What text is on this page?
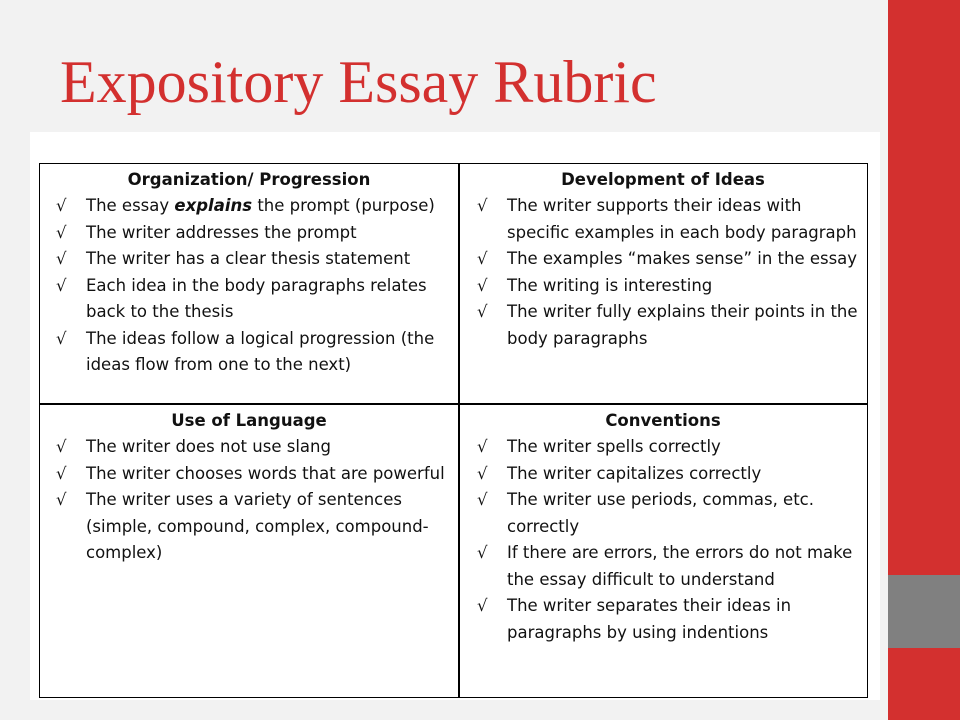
Expository Essay Rubric
Organization/ Progression
√ The essay explains the prompt (purpose)
√ The writer addresses the prompt
√ The writer has a clear thesis statement
√ Each idea in the body paragraphs relates back to the thesis
√ The ideas follow a logical progression (the ideas flow from one to the next)
Development of Ideas
√ The writer supports their ideas with specific examples in each body paragraph
√ The examples “makes sense” in the essay
√ The writing is interesting
√ The writer fully explains their points in the body paragraphs
Use of Language
√ The writer does not use slang
√ The writer chooses words that are powerful
√ The writer uses a variety of sentences (simple, compound, complex, compound-complex)
Conventions
√ The writer spells correctly
√ The writer capitalizes correctly
√ The writer use periods, commas, etc. correctly
√ If there are errors, the errors do not make the essay difficult to understand
√ The writer separates their ideas in paragraphs by using indentions
